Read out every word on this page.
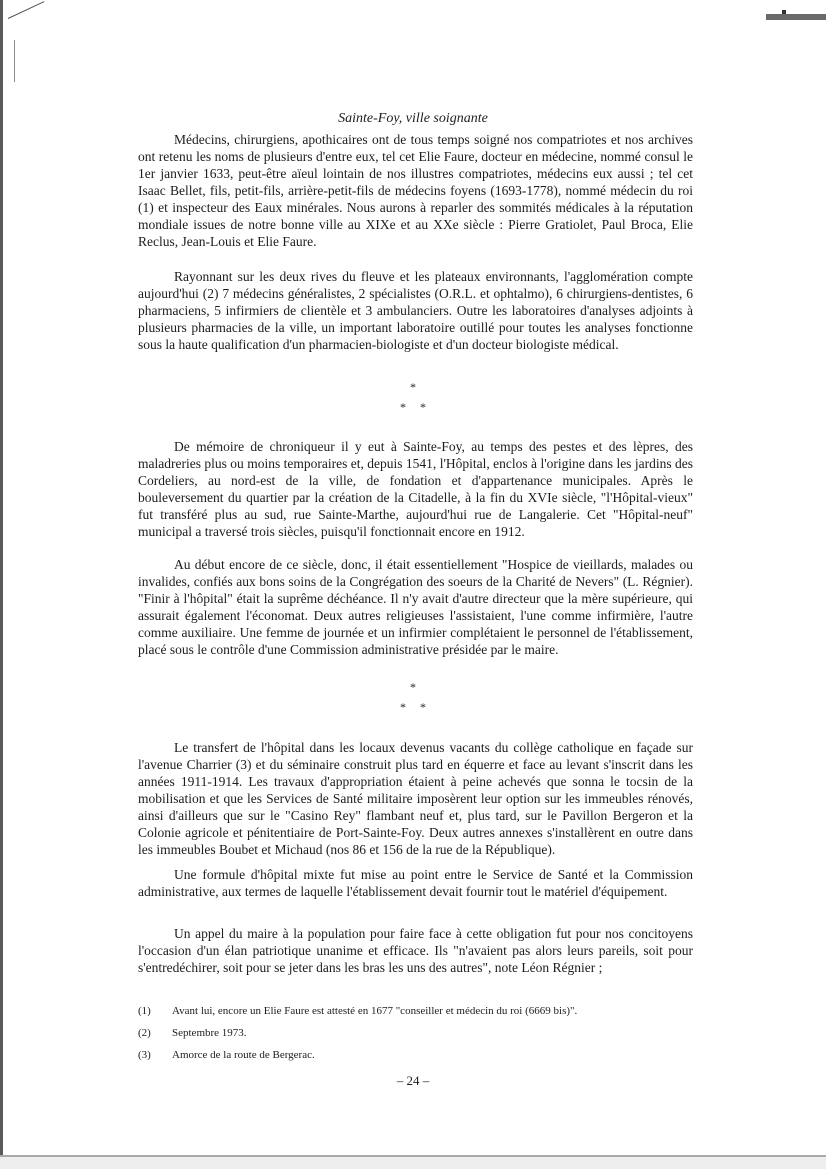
Sainte-Foy, ville soignante

Médecins, chirurgiens, apothicaires ont de tous temps soigné nos compatriotes et nos archives ont retenu les noms de plusieurs d'entre eux, tel cet Elie Faure, docteur en médecine, nommé consul le 1er janvier 1633, peut-être aïeul lointain de nos illustres compatriotes, médecins eux aussi ; tel cet Isaac Bellet, fils, petit-fils, arrière-petit-fils de médecins foyens (1693-1778), nommé médecin du roi (1) et inspecteur des Eaux minérales. Nous aurons à reparler des sommités médicales à la réputation mondiale issues de notre bonne ville au XIXe et au XXe siècle : Pierre Gratiolet, Paul Broca, Elie Reclus, Jean-Louis et Elie Faure.

Rayonnant sur les deux rives du fleuve et les plateaux environnants, l'agglomération compte aujourd'hui (2) 7 médecins généralistes, 2 spécialistes (O.R.L. et ophtalmo), 6 chirurgiens-dentistes, 6 pharmaciens, 5 infirmiers de clientèle et 3 ambulanciers. Outre les laboratoires d'analyses adjoints à plusieurs pharmacies de la ville, un important laboratoire outillé pour toutes les analyses fonctionne sous la haute qualification d'un pharmacien-biologiste et d'un docteur biologiste médical.

*
**

De mémoire de chroniqueur il y eut à Sainte-Foy, au temps des pestes et des lèpres, des maladreries plus ou moins temporaires et, depuis 1541, l'Hôpital, enclos à l'origine dans les jardins des Cordeliers, au nord-est de la ville, de fondation et d'appartenance municipales. Après le bouleversement du quartier par la création de la Citadelle, à la fin du XVIe siècle, "l'Hôpital-vieux" fut transféré plus au sud, rue Sainte-Marthe, aujourd'hui rue de Langalerie. Cet "Hôpital-neuf" municipal a traversé trois siècles, puisqu'il fonctionnait encore en 1912.

Au début encore de ce siècle, donc, il était essentiellement "Hospice de vieillards, malades ou invalides, confiés aux bons soins de la Congrégation des soeurs de la Charité de Nevers" (L. Régnier). "Finir à l'hôpital" était la suprême déchéance. Il n'y avait d'autre directeur que la mère supérieure, qui assurait également l'économat. Deux autres religieuses l'assistaient, l'une comme infirmière, l'autre comme auxiliaire. Une femme de journée et un infirmier complétaient le personnel de l'établissement, placé sous le contrôle d'une Commission administrative présidée par le maire.

*
**

Le transfert de l'hôpital dans les locaux devenus vacants du collège catholique en façade sur l'avenue Charrier (3) et du séminaire construit plus tard en équerre et face au levant s'inscrit dans les années 1911-1914. Les travaux d'appropriation étaient à peine achevés que sonna le tocsin de la mobilisation et que les Services de Santé militaire imposèrent leur option sur les immeubles rénovés, ainsi d'ailleurs que sur le "Casino Rey" flambant neuf et, plus tard, sur le Pavillon Bergeron et la Colonie agricole et pénitentiaire de Port-Sainte-Foy. Deux autres annexes s'installèrent en outre dans les immeubles Boubet et Michaud (nos 86 et 156 de la rue de la République).

Une formule d'hôpital mixte fut mise au point entre le Service de Santé et la Commission administrative, aux termes de laquelle l'établissement devait fournir tout le matériel d'équipement.

Un appel du maire à la population pour faire face à cette obligation fut pour nos concitoyens l'occasion d'un élan patriotique unanime et efficace. Ils "n'avaient pas alors leurs pareils, soit pour s'entredéchirer, soit pour se jeter dans les bras les uns des autres", note Léon Régnier ;

(1)	Avant lui, encore un Elie Faure est attesté en 1677 "conseiller et médecin du roi (6669 bis)".
(2)	Septembre 1973.
(3)	Amorce de la route de Bergerac.
– 24 –
